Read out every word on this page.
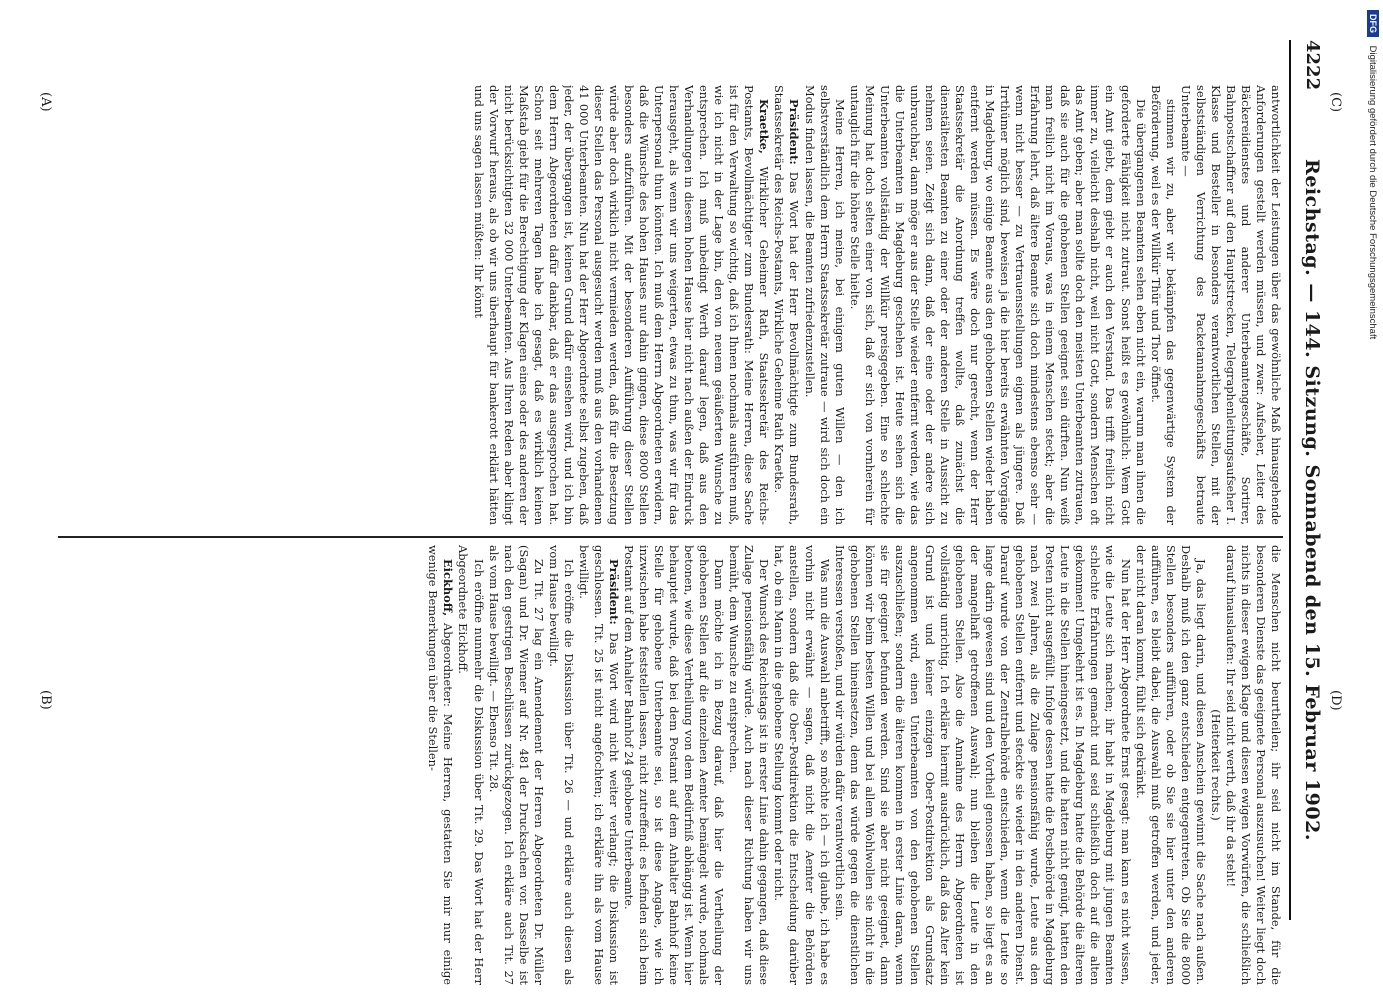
4222
Reichstag. — 144. Sitzung. Sonnabend den 15. Februar 1902.
(C)
(D)

antwortlichkeit der Leistungen über das gewöhnliche Maß hinausgehende Anforderungen gestellt werden müssen, und zwar: Aufseher, Leiter des Bäckereidienstes und anderer Unterbeamtengeschäfte, Sortirer, Bahnpostschaffner auf den Hauptstrecken, Telegraphenleitungsaufseher I. Klasse und Besteller in besonders verantwortlichen Stellen, mit der selbstständigen Verrichtung des Packetannahmegeschäfts betraute Unterbeamte —

stimmen wir zu, aber wir bekämpfen das gegenwärtige System der Beförderung, weil es der Willkür Thür und Thor öffnet.

Die übergangenen Beamten sehen eben nicht ein, warum man ihnen die geforderte Fähigkeit nicht zutraut. Sonst heißt es gewöhnlich: Wem Gott ein Amt giebt, dem giebt er auch den Verstand. Das trifft freilich nicht immer zu, vielleicht deshalb nicht, weil nicht Gott, sondern Menschen oft das Amt geben; aber man sollte doch den meisten Unterbeamten zutrauen, daß sie auch für die gehobenen Stellen geeignet sein dürften. Nun weiß man freilich nicht im Voraus, was in einem Menschen steckt; aber die Erfahrung lehrt, daß ältere Beamte sich doch mindestens ebenso sehr — wenn nicht besser — zu Vertrauensstellungen eignen als jüngere. Daß Irrthümer möglich sind, beweisen ja die hier bereits erwähnten Vorgänge in Magdeburg, wo einige Beamte aus den gehobenen Stellen wieder haben entfernt werden müssen. Es wäre doch nur gerecht, wenn der Herr Staatssekretär die Anordnung treffen wollte, daß zunächst die dienstältesten Beamten zu einer oder der anderen Stelle in Aussicht zu nehmen seien. Zeigt sich dann, daß der eine oder der andere sich unbrauchbar, dann möge er aus der Stelle wieder entfernt werden, wie das die Unterbeamten in Magdeburg geschehen ist. Heute sehen sich die Unterbeamten vollständig der Willkür preisgegeben. Eine so schlechte Meinung hat doch selten einer von sich, daß er sich von vornherein für untauglich für die höhere Stelle hielte.

Meine Herren, ich meine, bei einigem guten Willen — den ich selbstverständlich dem Herrn Staatssekretär zutraue — wird sich doch ein Modus finden lassen, die Beamten zufriedenzustellen.

Präsident: Das Wort hat der Herr Bevollmächtigte zum Bundesrath, Staatssekretär des Reichs-Postamts, Wirkliche Geheime Rath Kraetke.

Kraetke, Wirklicher Geheimer Rath, Staatssekretär des Reichs-Postamts, Bevollmächtigter zum Bundesrath: Meine Herren, diese Sache ist für den Verwaltung so wichtig, daß ich Ihnen nochmals ausführen muß, wie ich nicht in der Lage bin, den von neuem geäußerten Wunsche zu entsprechen. Ich muß unbedingt Werth darauf legen, daß aus den Verhandlungen in diesem hohen Hause hier nicht nach außen der Eindruck herausgeht, als wenn wir uns weigerten, etwas zu thun, was wir für das Unterpersonal thun könnten. Ich muß dem Herrn Abgeordneten erwidern, daß die Wünsche des hohen Hauses nur dahin gingen, diese 8000 Stellen besonders aufzuführen. Mit der besonderen Aufführung dieser Stellen würde aber doch wirklich nicht vermieden werden, daß für die Besetzung dieser Stellen das Personal ausgesucht werden muß aus den vorhandenen 41 000 Unterbeamten. Nun hat der Herr Abgeordnete selbst zugeben, daß jeder, der übergangen ist, keinen Grund dafür einsehen wird, und ich bin dem Herrn Abgeordneten dafür dankbar, daß er das ausgesprochen hat. Schon seit mehreren Tagen habe ich gesagt, daß es wirklich keinen Maßstab giebt für die Berechtigung der Klagen eines oder des anderen der nicht berücksichtigten 32 000 Unterbeamten. Aus Ihren Reden aber klingt der Vorwurf heraus, als ob wir uns überhaupt für bankerott erklärt hätten und uns sagen lassen müßten: Ihr könnt

die Menschen nicht beurtheilen; ihr seid nicht im Stande, für die besonderen Dienste das geeignete Personal auszusuchen! Weiter liegt doch nichts in dieser ewigen Klage und diesen ewigen Vorwürfen, die schließlich darauf hinauslaufen: Ihr seid nicht werth, daß ihr da steht!

(Heiterkeit rechts.)

Ja, das liegt darin, und diesen Anschein gewinnt die Sache nach außen. Deshalb muß ich den ganz entschieden entgegentreten. Ob Sie die 8000 Stellen besonders aufführen, oder ob Sie sie hier unter den anderen aufführen, es bleibt dabei, die Auswahl muß getroffen werden, und jeder, der nicht daran kommt, fühlt sich gekränkt.

Nun hat der Herr Abgeordnete Ernst gesagt: man kann es nicht wissen, wie die Leute sich machen; ihr habt in Magdeburg mit jungen Beamten schlechte Erfahrungen gemacht und seid schließlich doch auf die alten gekommen! Umgekehrt ist es. In Magdeburg hatte die Behörde die älteren Leute in die Stellen hineingesetzt, und die hatten nicht genügt, hatten den Posten nicht ausgefüllt. Infolge dessen hatte die Postbehörde in Magdeburg nach zwei Jahren, als die Zulage pensionsfähig wurde, Leute aus den gehobenen Stellen entfernt und steckte sie wieder in den anderen Dienst. Darauf wurde von der Zentralbehörde entschieden, wenn die Leute so lange darin gewesen sind und den Vortheil genossen haben, so liegt es an der mangelhaft getroffenen Auswahl; nun bleiben die Leute in den gehobenen Stellen. Also die Annahme des Herrn Abgeordneten ist vollständig unrichtig. Ich erkläre hiermit ausdrücklich, daß das Alter kein Grund ist und keiner einzigen Ober-Postdirektion als Grundsatz angenommen wird, einen Unterbeamten von den gehobenen Stellen auszuschließen; sondern die älteren kommen in erster Linie daran, wenn sie für geeignet befunden werden. Sind sie aber nicht geeignet, dann können wir beim besten Willen und bei allem Wohlwollen sie nicht in die gehobenen Stellen hineinsetzen, denn das würde gegen die dienstlichen Interessen verstoßen, und wir würden dafür verantwortlich sein.

Was nun die Auswahl anbetrifft, so möchte ich — ich glaube, ich habe es vorhin nicht erwähnt — sagen, daß nicht die Aemter die Behörden anstellen, sondern daß die Ober-Postdirektion die Entscheidung darüber hat, ob ein Mann in die gehobene Stellung kommt oder nicht.

Der Wunsch des Reichstags ist in erster Linie dahin gegangen, daß diese Zulage pensionsfähig würde. Auch nach dieser Richtung haben wir uns bemüht, dem Wunsche zu entsprechen.

Dann möchte ich in Bezug darauf, daß hier die Vertheilung der gehobenen Stellen auf die einzelnen Aemter bemängelt wurde, nochmals betonen, wie diese Vertheilung von dem Bedürfniß abhängig ist. Wenn hier behauptet wurde, daß bei dem Postamt auf dem Anhalter Bahnhof keine Stelle für gehobene Unterbeamte sei, so ist diese Angabe, wie ich inzwischen habe feststellen lassen, nicht zutreffend: es befinden sich beim Postamt auf dem Anhalter Bahnhof 24 gehobene Unterbeamte.

Präsident: Das Wort wird nicht weiter verlangt; die Diskussion ist geschlossen. Tit. 25 ist nicht angefochten; ich erkläre ihn als vom Hause bewilligt.

Ich eröffne die Diskussion über Tit. 26 — und erkläre auch diesen als vom Hause bewilligt.

Zu Tit. 27 lag ein Amendement der Herren Abgeordneten Dr. Müller (Sagan) und Dr. Wiemer auf Nr. 481 der Drucksachen vor. Dasselbe ist nach den gestrigen Beschlüssen zurückgezogen. Ich erkläre auch Tit. 27 als vom Hause bewilligt. — Ebenso Tit. 28.

Ich eröffne nunmehr die Diskussion über Tit. 29. Das Wort hat der Herr Abgeordnete Eickhoff.

Eickhoff, Abgeordneter: Meine Herren, gestatten Sie mir nur einige wenige Bemerkungen über die Stellen-

(A)
(B)
DFG Digitalisierung gefördert durch die Deutsche Forschungsgemeinschaft
